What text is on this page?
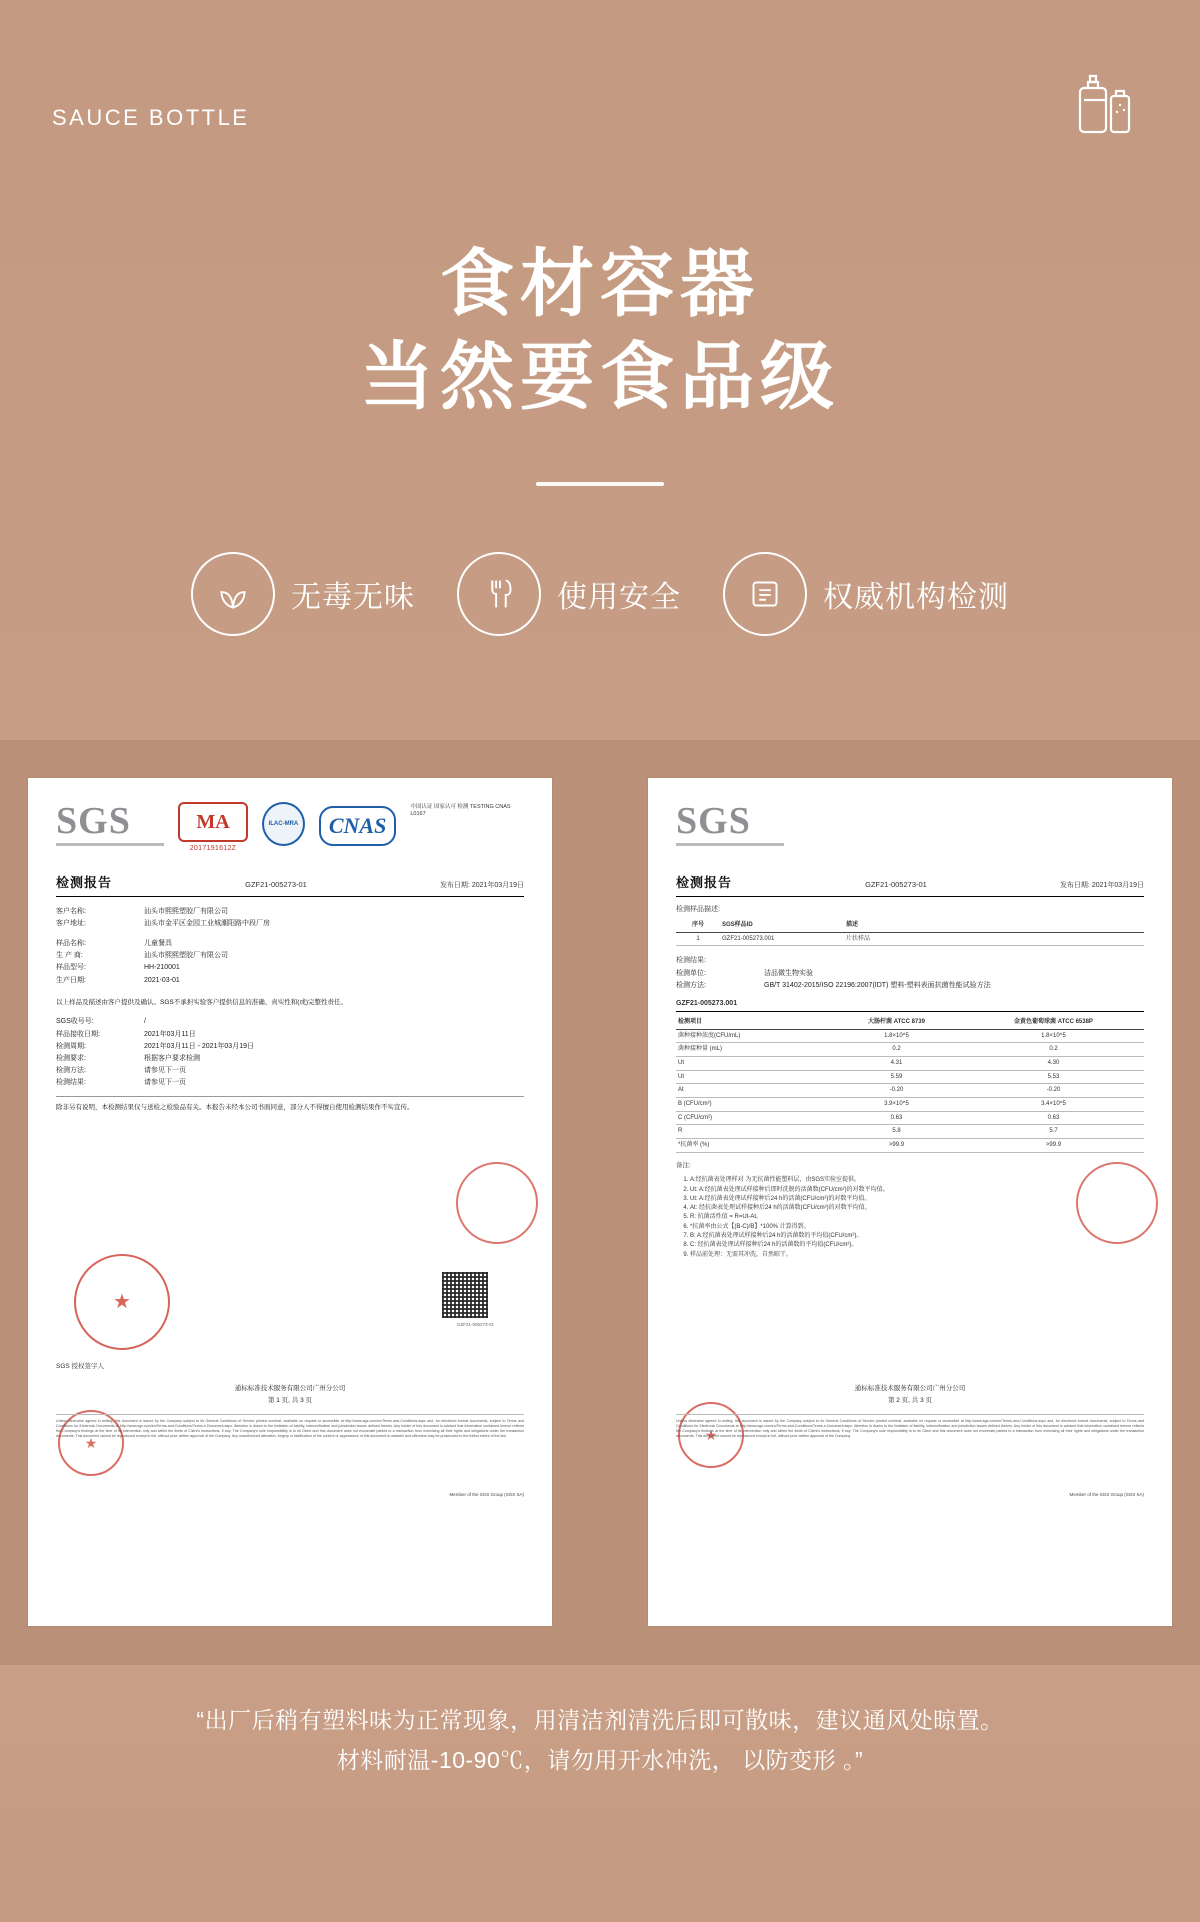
SAUCE BOTTLE
食材容器
当然要食品级
无毒无味	使用安全	权威机构检测
SGS	MA
2017191612Z
ILAC-MRA	CNAS
中国认证 国家认可 检测 TESTING CNAS L0167
检测报告	GZF21-005273-01	发布日期: 2021年03月19日
客户名称:	汕头市熙熙塑胶厂有限公司
客户地址:	汕头市金平区金园工业城潮阳路中段厂房
样品名称:	儿童餐具
生 产 商:	汕头市熙熙塑胶厂有限公司
样品型号:	HH-210001
生产日期:	2021-03-01
以上样品及描述由客户提供及确认。SGS不承担实验客户提供信息的准确、真实性和(或)完整性责任。
SGS收号号:	/
样品接收日期:	2021年03月11日
检测周期:	2021年03月11日 - 2021年03月19日
检测要求:	根据客户要求检测
检测方法:	请参见下一页
检测结果:	请参见下一页
除非另有说明，本检测结果仅与送检之检验品有关。本报告未经本公司书面同意，部分人不得擅自使用检测结果作不实宣传。
★
GZF21-005273-01
SGS 授权签字人
通标标准技术服务有限公司广州分公司
第 1 页, 共 3 页
★
Unless otherwise agreed in writing, this document is issued by the Company subject to its General Conditions of Service printed overleaf, available on request or accessible at http://www.sgs.com/en/Terms-and-Conditions.aspx and, for electronic format documents, subject to Terms and Conditions for Electronic Documents at http://www.sgs.com/en/Terms-and-Conditions/Terms-e-Document.aspx. Attention is drawn to the limitation of liability, indemnification and jurisdiction issues defined therein. Any holder of this document is advised that information contained hereon reflects the Company's findings at the time of its intervention only and within the limits of Client's instructions, if any. The Company's sole responsibility is to its Client and this document does not exonerate parties to a transaction from exercising all their rights and obligations under the transaction documents. This document cannot be reproduced except in full, without prior written approval of the Company. Any unauthorized alteration, forgery or falsification of the content or appearance of this document is unlawful and offenders may be prosecuted to the fullest extent of the law.
Member of the SGS Group (SGS SA)
SGS
检测报告	GZF21-005273-01	发布日期: 2021年03月19日
检测样品描述:
序号	SGS样品ID	描述
1	GZF21-005273.001	片状样品
检测结果:
检测单位:	洁品微生物实验
检测方法:	GB/T 31402-2015/ISO 22196:2007(IDT) 塑料-塑料表面抗菌性能试验方法
GZF21-005273.001
检测项目	大肠杆菌 ATCC 8739	金黄色葡萄球菌 ATCC 6538P
菌种接种浓度(CFU/mL)	1.8×10^5	1.8×10^5
菌种接种量 (mL)	0.2	0.2
Ut	4.31	4.30
Ut	5.59	5.53
At	-0.20	-0.20
B (CFU/cm²)	3.9×10^5	3.4×10^5
C (CFU/cm²)	0.63	0.63
R	5.8	5.7
*抗菌率 (%)	>99.9	>99.9
备注:
1. A:经抗菌表处理样对 为无抗菌性能塑料层，由SGS实验室提供。
2. Ut: A:经抗菌表处理试样接种后即时洗脱的活菌数(CFU/cm²)的对数平均值。
3. Ut: A:经抗菌表处理试样接种后24 h的活菌(CFU/cm²)的对数平均值。
4. At: 经抗菌表处理试样接种后24 h的活菌数(CFU/cm²)的对数平均值。
5. R: 抗菌活性值 = R=Ut-At。
6. *抗菌率由公式【(B-C)/B】*100% 计算得到。
7. B: A:经抗菌表处理试样接种后24 h的活菌数的平均值(CFU/cm²)。
8. C: 经抗菌表处理试样接种后24 h的活菌数的平均值(CFU/cm²)。
9. 样品前处理：无需其冲洗，自然晾干。
通标标准技术服务有限公司广州分公司
第 2 页, 共 3 页
★
Unless otherwise agreed in writing, this document is issued by the Company subject to its General Conditions of Service printed overleaf, available on request or accessible at http://www.sgs.com/en/Terms-and-Conditions.aspx and, for electronic format documents, subject to Terms and Conditions for Electronic Documents at http://www.sgs.com/en/Terms-and-Conditions/Terms-e-Document.aspx. Attention is drawn to the limitation of liability, indemnification and jurisdiction issues defined therein. Any holder of this document is advised that information contained hereon reflects the Company's findings at the time of its intervention only and within the limits of Client's instructions, if any. The Company's sole responsibility is to its Client and this document does not exonerate parties to a transaction from exercising all their rights and obligations under the transaction documents. This document cannot be reproduced except in full, without prior written approval of the Company.
Member of the SGS Group (SGS SA)
“出厂后稍有塑料味为正常现象，用清洁剂清洗后即可散味，建议通风处晾置。
材料耐温-10-90℃，请勿用开水冲洗， 以防变形 。”
